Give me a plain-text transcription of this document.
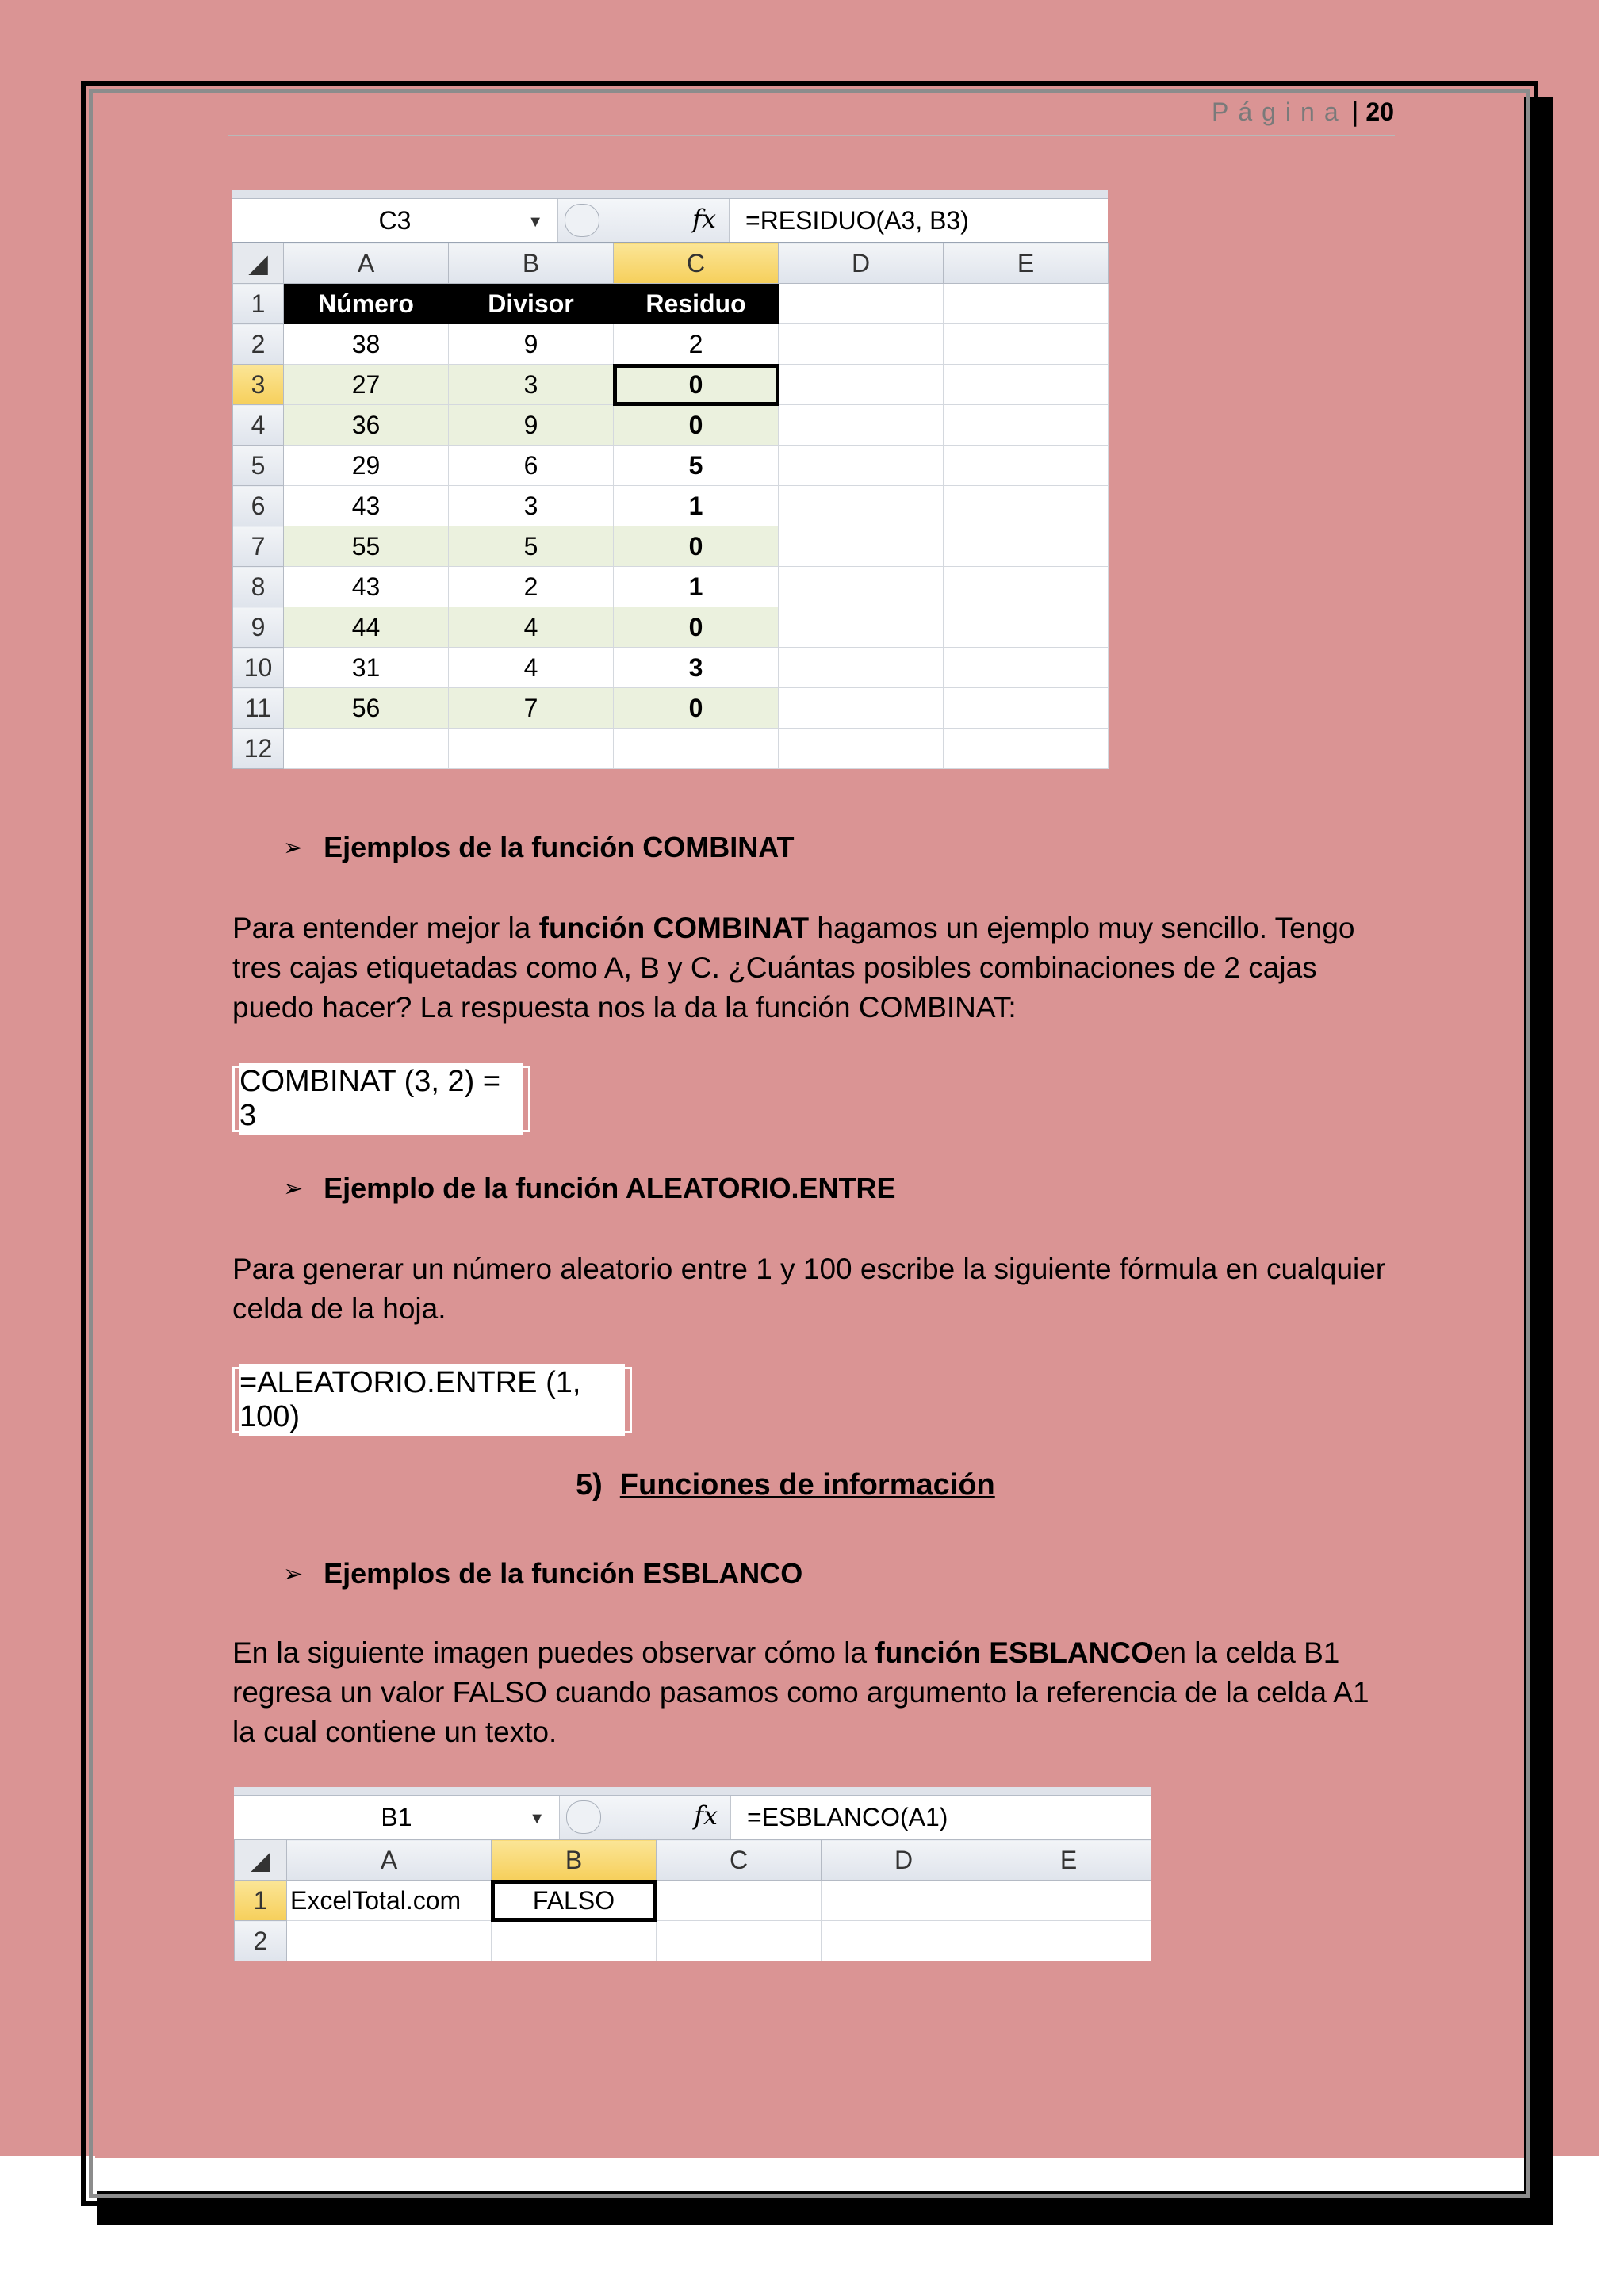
Página | 20
C3	▼	fx	=RESIDUO(A3, B3)
◢	A	B	C	D	E
1	Número	Divisor	Residuo		
2	38	9	2		
3	27	3	0		
4	36	9	0		
5	29	6	5		
6	43	3	1		
7	55	5	0		
8	43	2	1		
9	44	4	0		
10	31	4	3		
11	56	7	0		
12					
➢ Ejemplos de la función COMBINAT
Para entender mejor la función COMBINAT hagamos un ejemplo muy sencillo. Tengo tres cajas etiquetadas como A, B y C. ¿Cuántas posibles combinaciones de 2 cajas puedo hacer? La respuesta nos la da la función COMBINAT:
COMBINAT (3, 2) = 3
➢ Ejemplo de la función ALEATORIO.ENTRE
Para generar un número aleatorio entre 1 y 100 escribe la siguiente fórmula en cualquier celda de la hoja.
=ALEATORIO.ENTRE (1, 100)
5) Funciones de información
➢ Ejemplos de la función ESBLANCO
En la siguiente imagen puedes observar cómo la función ESBLANCOen la celda B1 regresa un valor FALSO cuando pasamos como argumento la referencia de la celda A1 la cual contiene un texto.
B1	▼	fx	=ESBLANCO(A1)
◢	A	B	C	D	E
1	ExcelTotal.com	FALSO			
2					
